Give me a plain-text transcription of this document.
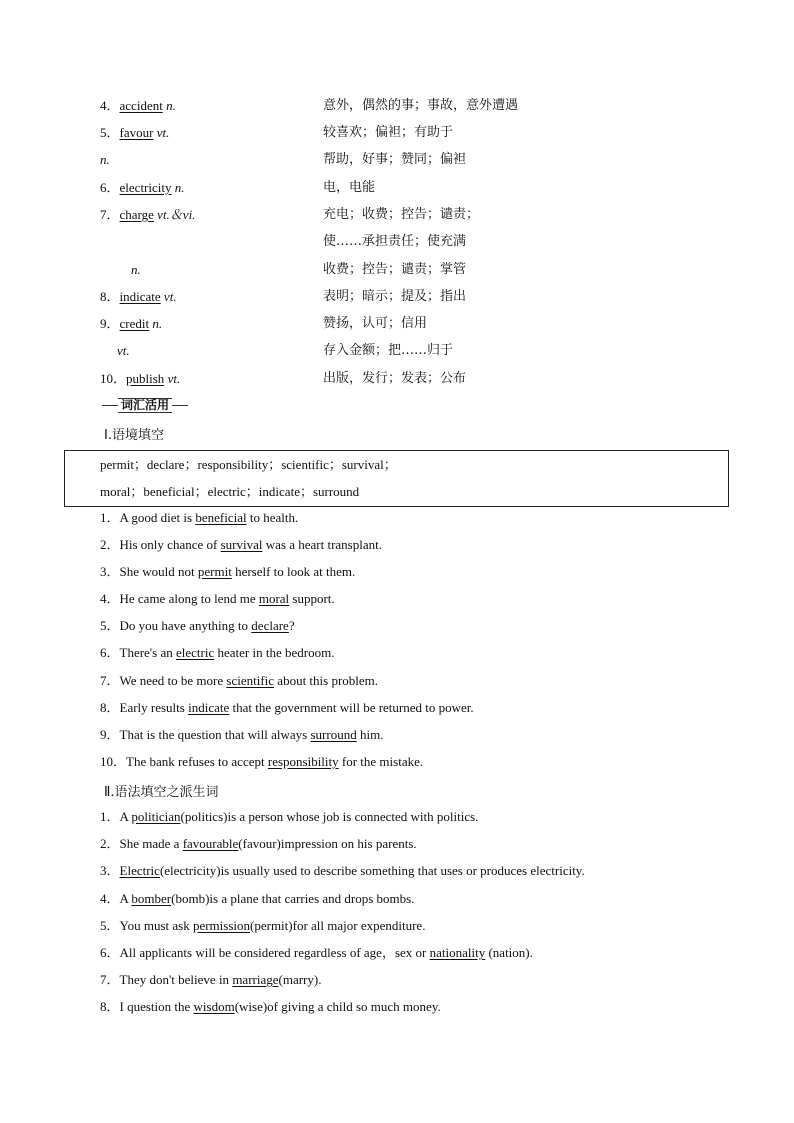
4．accident n.	意外，偶然的事；事故，意外遭遇
5．favour vt.	较喜欢；偏袒；有助于
n.	帮助，好事；赞同；偏袒
6．electricity n.	电，电能
7．charge vt.＆vi.	充电；收费；控告；谴责；
使……承担责任；使充满
n.	收费；控告；谴责；掌管
8．indicate vt.	表明；暗示；提及；指出
9．credit n.	赞扬，认可；信用
vt.	存入金额；把……归于
10．publish vt.	出版，发行；发表；公布
词汇活用
Ⅰ.语境填空
permit；declare；responsibility；scientific；survival；
moral；beneficial；electric；indicate；surround
1．A good diet is beneficial to health.
2．His only chance of survival was a heart transplant.
3．She would not permit herself to look at them.
4．He came along to lend me moral support.
5．Do you have anything to declare?
6．There's an electric heater in the bedroom.
7．We need to be more scientific about this problem.
8．Early results indicate that the government will be returned to power.
9．That is the question that will always surround him.
10．The bank refuses to accept responsibility for the mistake.
Ⅱ.语法填空之派生词
1．A politician(politics)is a person whose job is connected with politics.
2．She made a favourable(favour)impression on his parents.
3．Electric(electricity)is usually used to describe something that uses or produces electricity.
4．A bomber(bomb)is a plane that carries and drops bombs.
5．You must ask permission(permit)for all major expenditure.
6．All applicants will be considered regardless of age，sex or nationality (nation).
7．They don't believe in marriage(marry).
8．I question the wisdom(wise)of giving a child so much money.
